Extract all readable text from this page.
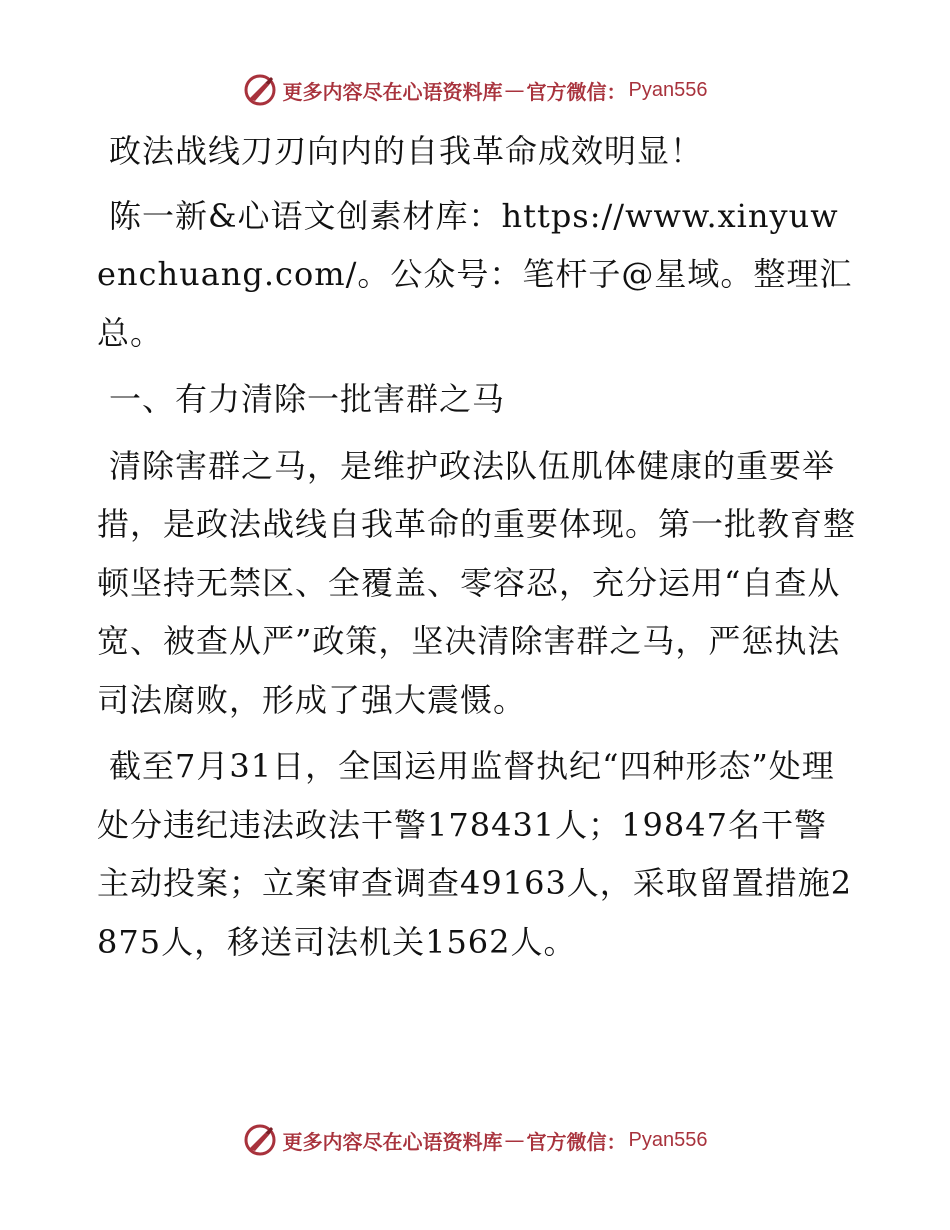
更多内容尽在心语资料库 — 官方微信： Pyan556

政法战线刀刃向内的自我革命成效明显！

陈一新&心语文创素材库：https://www.xinyuwenchuang.com/。公众号：笔杆子@星域。整理汇总。

一、有力清除一批害群之马

清除害群之马，是维护政法队伍肌体健康的重要举措，是政法战线自我革命的重要体现。第一批教育整顿坚持无禁区、全覆盖、零容忍，充分运用“自查从宽、被查从严”政策，坚决清除害群之马，严惩执法司法腐败，形成了强大震慑。

截至7月31日，全国运用监督执纪“四种形态”处理处分违纪违法政法干警178431人；19847名干警主动投案；立案审查调查49163人，采取留置措施2875人，移送司法机关1562人。

更多内容尽在心语资料库 — 官方微信： Pyan556
